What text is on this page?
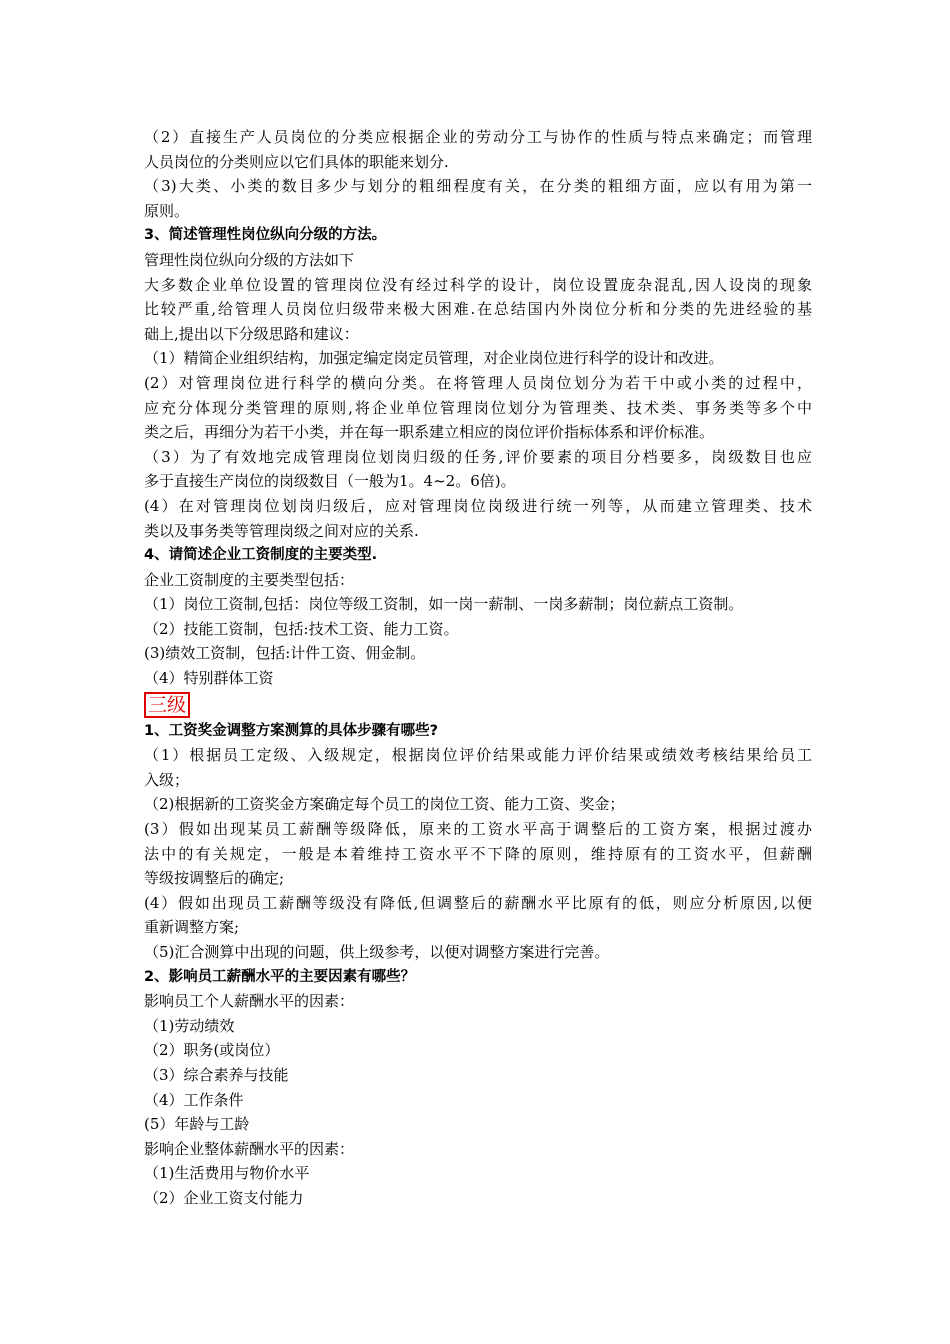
（2）直接生产人员岗位的分类应根据企业的劳动分工与协作的性质与特点来确定；而管理
人员岗位的分类则应以它们具体的职能来划分.
（3)大类、小类的数目多少与划分的粗细程度有关，在分类的粗细方面，应以有用为第一
原则。
3、简述管理性岗位纵向分级的方法。
管理性岗位纵向分级的方法如下
大多数企业单位设置的管理岗位没有经过科学的设计，岗位设置庞杂混乱,因人设岗的现象
比较严重,给管理人员岗位归级带来极大困难.在总结国内外岗位分析和分类的先进经验的基
础上,提出以下分级思路和建议：
（1）精简企业组织结构，加强定编定岗定员管理，对企业岗位进行科学的设计和改进。
(2）对管理岗位进行科学的横向分类。在将管理人员岗位划分为若干中或小类的过程中，
应充分体现分类管理的原则,将企业单位管理岗位划分为管理类、技术类、事务类等多个中
类之后，再细分为若干小类，并在每一职系建立相应的岗位评价指标体系和评价标准。
（3）为了有效地完成管理岗位划岗归级的任务,评价要素的项目分档要多，岗级数目也应
多于直接生产岗位的岗级数目（一般为1。4~2。6倍)。
(4）在对管理岗位划岗归级后，应对管理岗位岗级进行统一列等，从而建立管理类、技术
类以及事务类等管理岗级之间对应的关系.
4、请简述企业工资制度的主要类型.
企业工资制度的主要类型包括：
（1）岗位工资制,包括：岗位等级工资制，如一岗一薪制、一岗多薪制；岗位薪点工资制。
（2）技能工资制，包括:技术工资、能力工资。
(3)绩效工资制，包括:计件工资、佣金制。
（4）特别群体工资
三级
1、工资奖金调整方案测算的具体步骤有哪些?
（1）根据员工定级、入级规定，根据岗位评价结果或能力评价结果或绩效考核结果给员工
入级；
（2)根据新的工资奖金方案确定每个员工的岗位工资、能力工资、奖金；
(3）假如出现某员工薪酬等级降低，原来的工资水平高于调整后的工资方案，根据过渡办
法中的有关规定，一般是本着维持工资水平不下降的原则，维持原有的工资水平，但薪酬
等级按调整后的确定;
(4）假如出现员工薪酬等级没有降低,但调整后的薪酬水平比原有的低，则应分析原因,以便
重新调整方案;
（5)汇合测算中出现的问题，供上级参考，以便对调整方案进行完善。
2、影响员工薪酬水平的主要因素有哪些？
影响员工个人薪酬水平的因素：
（1)劳动绩效
（2）职务(或岗位）
（3）综合素养与技能
（4）工作条件
(5）年龄与工龄
影响企业整体薪酬水平的因素：
（1)生活费用与物价水平
（2）企业工资支付能力
